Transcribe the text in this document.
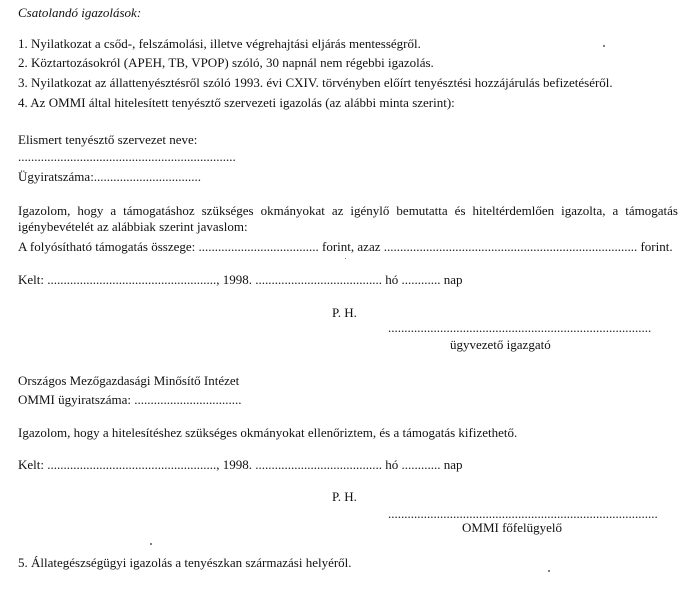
Csatolandó igazolások:
1. Nyilatkozat a csőd-, felszámolási, illetve végrehajtási eljárás mentességről.
2. Köztartozásokról (APEH, TB, VPOP) szóló, 30 napnál nem régebbi igazolás.
3. Nyilatkozat az állattenyésztésről szóló 1993. évi CXIV. törvényben előírt tenyésztési hozzájárulás befizetéséről.
4. Az OMMI által hitelesített tenyésztő szervezeti igazolás (az alábbi minta szerint):
Elismert tenyésztő szervezet neve:
...................................................................
Ügyiratszáma:.................................
Igazolom, hogy a támogatáshoz szükséges okmányokat az igénylő bemutatta és hiteltérdemlően igazolta, a támogatás igénybevételét az alábbiak szerint javaslom:
A folyósítható támogatás összege: ..................................... forint, azaz .............................................................................. forint.
Kelt: ...................................................., 1998. ....................................... hó ............ nap
P. H.
.................................................................................
ügyvezető igazgató
Országos Mezőgazdasági Minősítő Intézet
OMMI ügyiratszáma: .................................
Igazolom, hogy a hitelesítéshez szükséges okmányokat ellenőriztem, és a támogatás kifizethető.
Kelt: ...................................................., 1998. ....................................... hó ............ nap
P. H.
...................................................................................
OMMI főfelügyelő
5. Állategészségügyi igazolás a tenyészkan származási helyéről.
